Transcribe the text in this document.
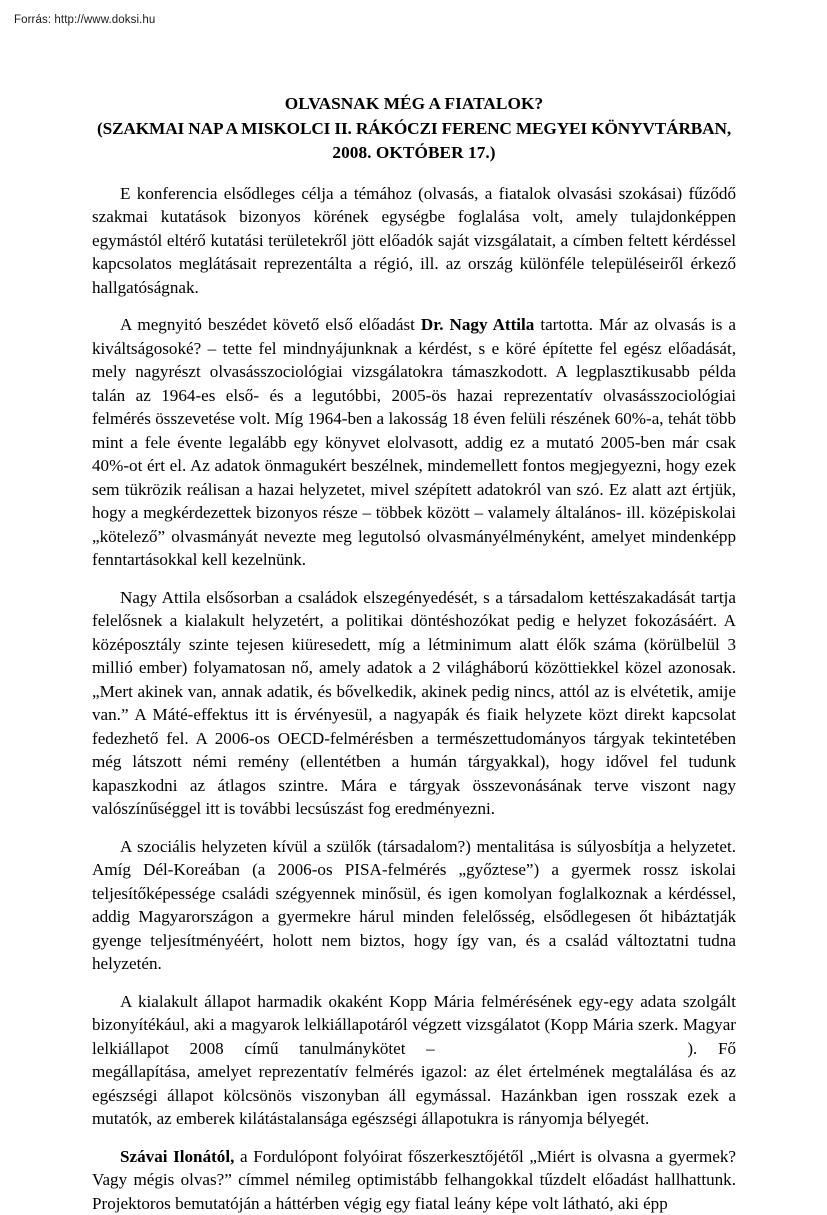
Forrás: http://www.doksi.hu
OLVASNAK MÉG A FIATALOK?
(SZAKMAI NAP A MISKOLCI II. RÁKÓCZI FERENC MEGYEI KÖNYVTÁRBAN,
2008. OKTÓBER 17.)

E konferencia elsődleges célja a témához (olvasás, a fiatalok olvasási szokásai) fűződő szakmai kutatások bizonyos körének egységbe foglalása volt, amely tulajdonképpen egymástól eltérő kutatási területekről jött előadók saját vizsgálatait, a címben feltett kérdéssel kapcsolatos meglátásait reprezentálta a régió, ill. az ország különféle településeiről érkező hallgatóságnak.

A megnyitó beszédet követő első előadást Dr. Nagy Attila tartotta. Már az olvasás is a kiváltságosoké? – tette fel mindnyájunknak a kérdést, s e köré építette fel egész előadását, mely nagyrészt olvasásszociológiai vizsgálatokra támaszkodott. A legplasztikusabb példa talán az 1964-es első- és a legutóbbi, 2005-ös hazai reprezentatív olvasásszociológiai felmérés összevetése volt. Míg 1964-ben a lakosság 18 éven felüli részének 60%-a, tehát több mint a fele évente legalább egy könyvet elolvasott, addig ez a mutató 2005-ben már csak 40%-ot ért el. Az adatok önmagukért beszélnek, mindemellett fontos megjegyezni, hogy ezek sem tükrözik reálisan a hazai helyzetet, mivel szépített adatokról van szó. Ez alatt azt értjük, hogy a megkérdezettek bizonyos része – többek között – valamely általános- ill. középiskolai „kötelező” olvasmányát nevezte meg legutolsó olvasmányélményként, amelyet mindenképp fenntartásokkal kell kezelnünk.

Nagy Attila elsősorban a családok elszegényedését, s a társadalom kettészakadását tartja felelősnek a kialakult helyzetért, a politikai döntéshozókat pedig e helyzet fokozásáért. A középosztály szinte tejesen kiüresedett, míg a létminimum alatt élők száma (körülbelül 3 millió ember) folyamatosan nő, amely adatok a 2 világháború közöttiekkel közel azonosak. „Mert akinek van, annak adatik, és bővelkedik, akinek pedig nincs, attól az is elvétetik, amije van.” A Máté-effektus itt is érvényesül, a nagyapák és fiaik helyzete közt direkt kapcsolat fedezhető fel. A 2006-os OECD-felmérésben a természettudományos tárgyak tekintetében még látszott némi remény (ellentétben a humán tárgyakkal), hogy idővel fel tudunk kapaszkodni az átlagos szintre. Mára e tárgyak összevonásának terve viszont nagy valószínűséggel itt is további lecsúszást fog eredményezni.

A szociális helyzeten kívül a szülők (társadalom?) mentalitása is súlyosbítja a helyzetet. Amíg Dél-Koreában (a 2006-os PISA-felmérés „győztese”) a gyermek rossz iskolai teljesítőképessége családi szégyennek minősül, és igen komolyan foglalkoznak a kérdéssel, addig Magyarországon a gyermekre hárul minden felelősség, elsődlegesen őt hibáztatják gyenge teljesítményéért, holott nem biztos, hogy így van, és a család változtatni tudna helyzetén.

A kialakult állapot harmadik okaként Kopp Mária felmérésének egy-egy adata szolgált bizonyítékául, aki a magyarok lelkiállapotáról végzett vizsgálatot (Kopp Mária szerk. Magyar lelkiállapot 2008 című tanulmánykötet –	). Fő megállapítása, amelyet reprezentatív felmérés igazol: az élet értelmének megtalálása és az egészségi állapot kölcsönös viszonyban áll egymással. Hazánkban igen rosszak ezek a mutatók, az emberek kilátástalansága egészségi állapotukra is rányomja bélyegét.

Szávai Ilonától, a Fordulópont folyóirat főszerkesztőjétől „Miért is olvasna a gyermek? Vagy mégis olvas?” címmel némileg optimistább felhangokkal tűzdelt előadást hallhattunk. Projektoros bemutatóján a háttérben végig egy fiatal leány képe volt látható, aki épp
